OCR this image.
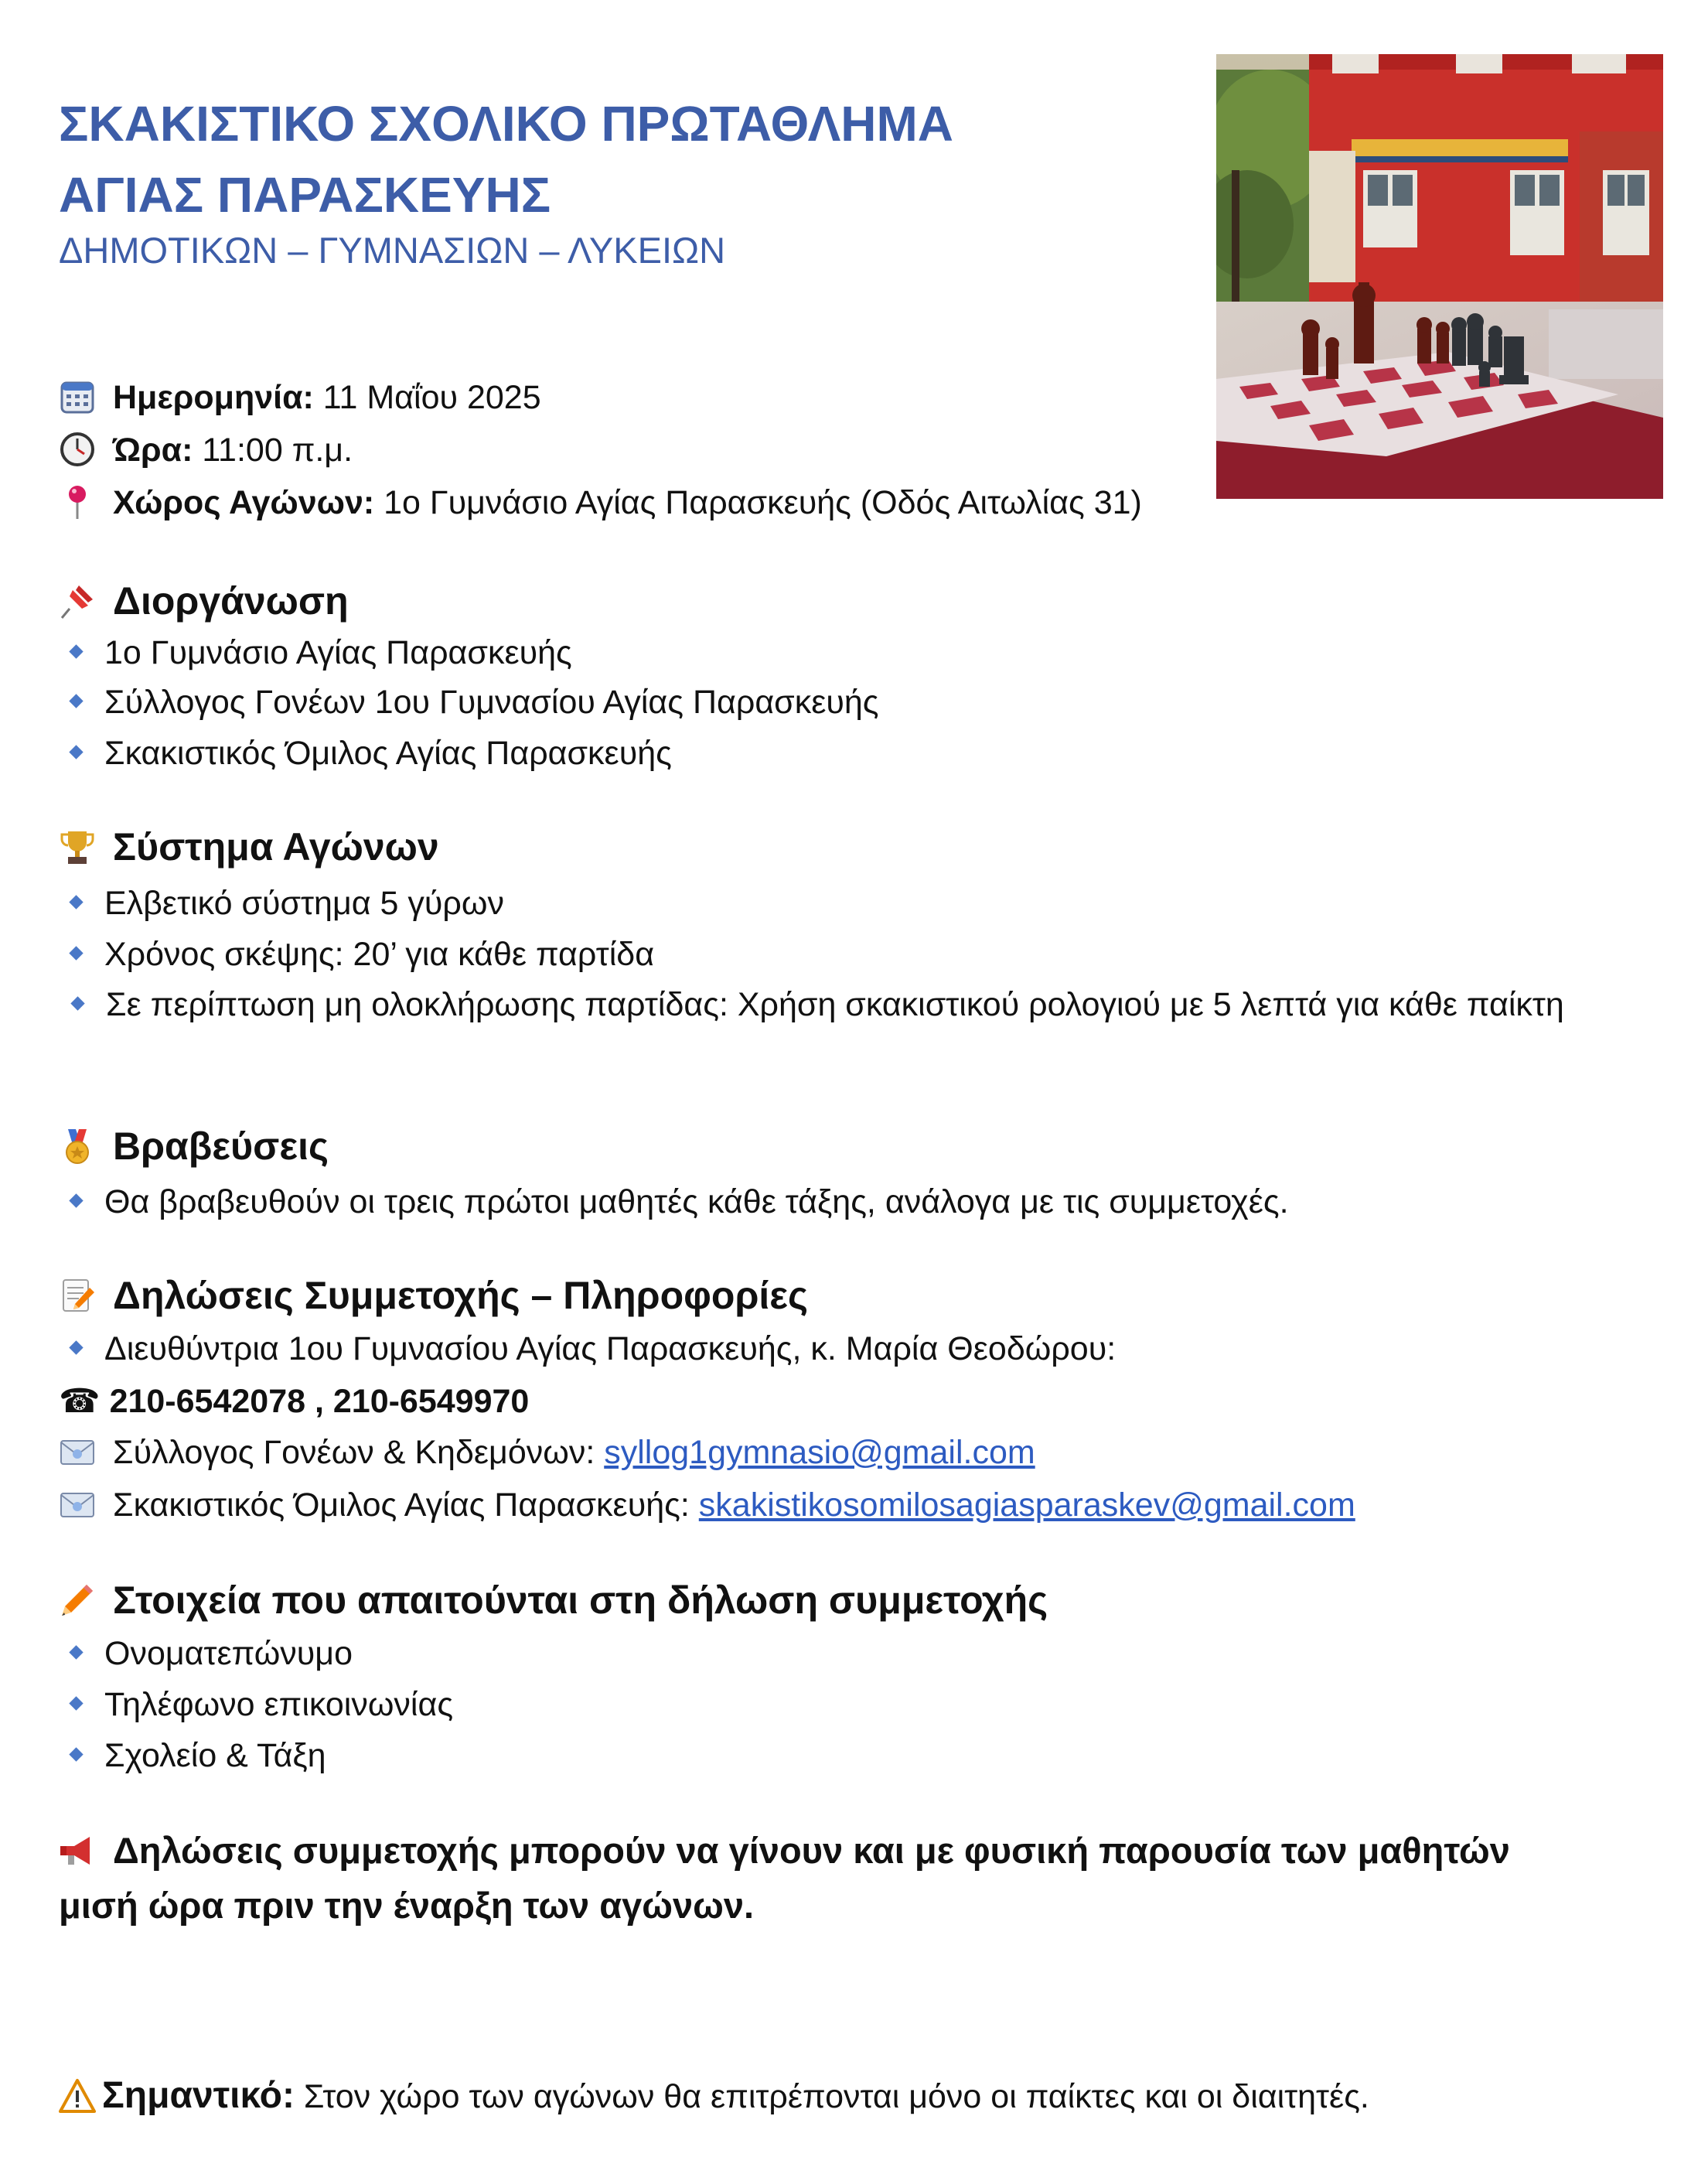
ΣΚΑΚΙΣΤΙΚΟ ΣΧΟΛΙΚΟ ΠΡΩΤΑΘΛΗΜΑ
ΑΓΙΑΣ ΠΑΡΑΣΚΕΥΗΣ
ΔΗΜΟΤΙΚΩΝ – ΓΥΜΝΑΣΙΩΝ – ΛΥΚΕΙΩΝ
Ημερομηνία: 11 Μαΐου 2025
Ώρα: 11:00 π.μ.
Χώρος Αγώνων: 1ο Γυμνάσιο Αγίας Παρασκευής (Οδός Αιτωλίας 31)
Διοργάνωση
1ο Γυμνάσιο Αγίας Παρασκευής
Σύλλογος Γονέων 1ου Γυμνασίου Αγίας Παρασκευής
Σκακιστικός Όμιλος Αγίας Παρασκευής
Σύστημα Αγώνων
Ελβετικό σύστημα 5 γύρων
Χρόνος σκέψης: 20’ για κάθε παρτίδα
Σε περίπτωση μη ολοκλήρωσης παρτίδας: Χρήση σκακιστικού ρολογιού με 5 λεπτά για κάθε παίκτη
Βραβεύσεις
Θα βραβευθούν οι τρεις πρώτοι μαθητές κάθε τάξης, ανάλογα με τις συμμετοχές.
Δηλώσεις Συμμετοχής – Πληροφορίες
Διευθύντρια 1ου Γυμνασίου Αγίας Παρασκευής, κ. Μαρία Θεοδώρου:
☎ 210-6542078 , 210-6549970
Σύλλογος Γονέων & Κηδεμόνων: syllog1gymnasio@gmail.com
Σκακιστικός Όμιλος Αγίας Παρασκευής: skakistikosomilosagiasparaskev@gmail.com
Στοιχεία που απαιτούνται στη δήλωση συμμετοχής
Ονοματεπώνυμο
Τηλέφωνο επικοινωνίας
Σχολείο & Τάξη
Δηλώσεις συμμετοχής μπορούν να γίνουν και με φυσική παρουσία των μαθητών μισή ώρα πριν την έναρξη των αγώνων.
Σημαντικό: Στον χώρο των αγώνων θα επιτρέπονται μόνο οι παίκτες και οι διαιτητές.
